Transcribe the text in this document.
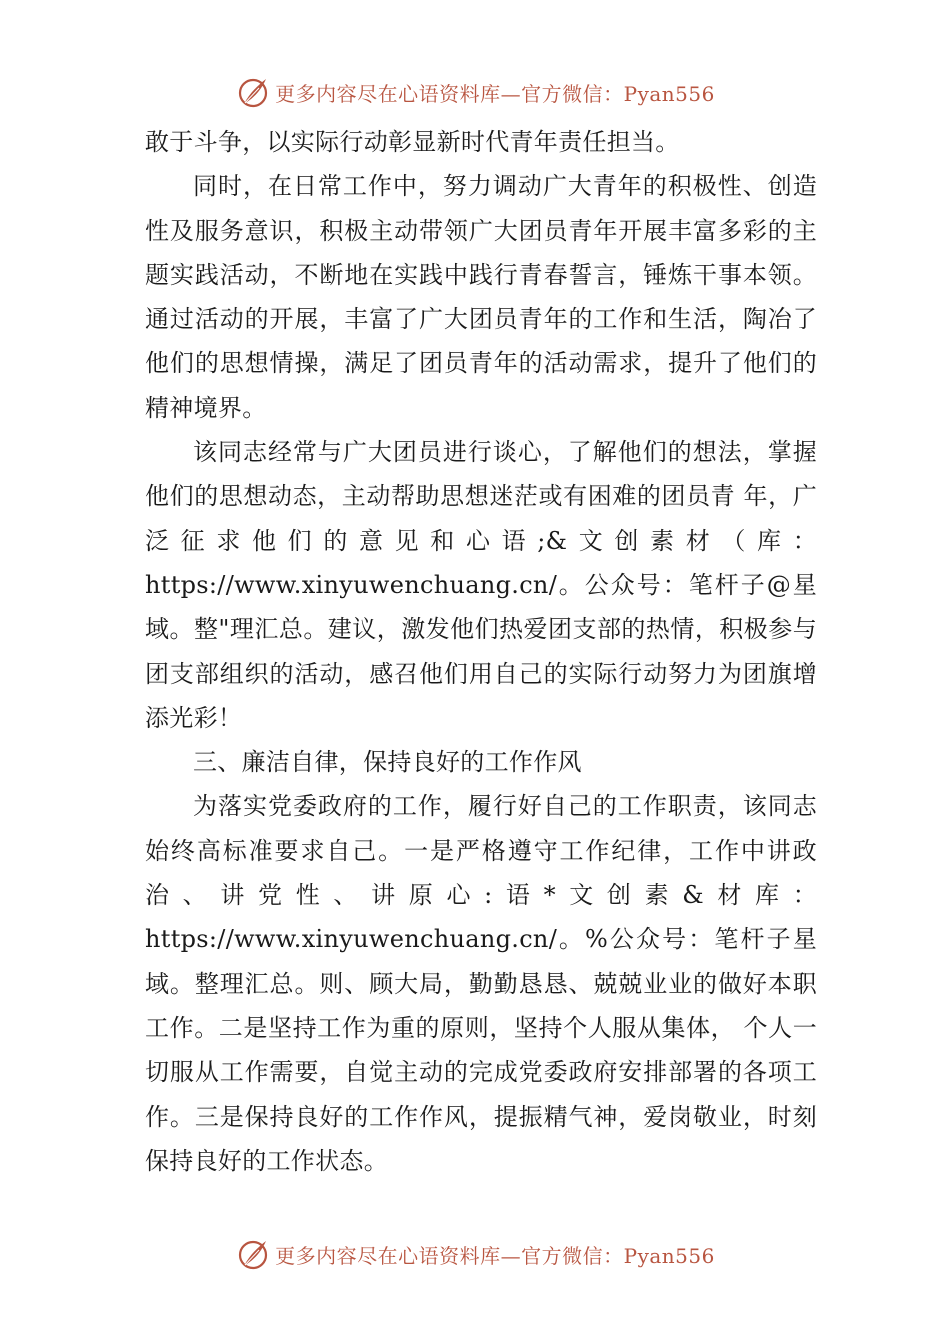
更多内容尽在心语资料库—官方微信：Pyan556

敢于斗争，以实际行动彰显新时代青年责任担当。

同时，在日常工作中，努力调动广大青年的积极性、创造性及服务意识，积极主动带领广大团员青年开展丰富多彩的主题实践活动，不断地在实践中践行青春誓言，锤炼干事本领。通过活动的开展，丰富了广大团员青年的工作和生活，陶冶了他们的思想情操，满足了团员青年的活动需求，提升了他们的精神境界。

该同志经常与广大团员进行谈心，了解他们的想法，掌握他们的思想动态，主动帮助思想迷茫或有困难的团员青 年，广泛征求他们的意见和心语;&文创素材（库：https://www.xinyuwenchuang.cn/。公众号：笔杆子@星域。整"理汇总。建议，激发他们热爱团支部的热情，积极参与团支部组织的活动，感召他们用自己的实际行动努力为团旗增添光彩！

三、廉洁自律，保持良好的工作作风

为落实党委政府的工作，履行好自己的工作职责，该同志始终高标准要求自己。一是严格遵守工作纪律，工作中讲政治、讲党性、讲原心:语*文创素&材库：https://www.xinyuwenchuang.cn/。%公众号：笔杆子星域。整理汇总。则、顾大局，勤勤恳恳、兢兢业业的做好本职工作。二是坚持工作为重的原则，坚持个人服从集体， 个人一切服从工作需要，自觉主动的完成党委政府安排部署的各项工作。三是保持良好的工作作风，提振精气神，爱岗敬业，时刻保持良好的工作状态。

更多内容尽在心语资料库—官方微信：Pyan556
